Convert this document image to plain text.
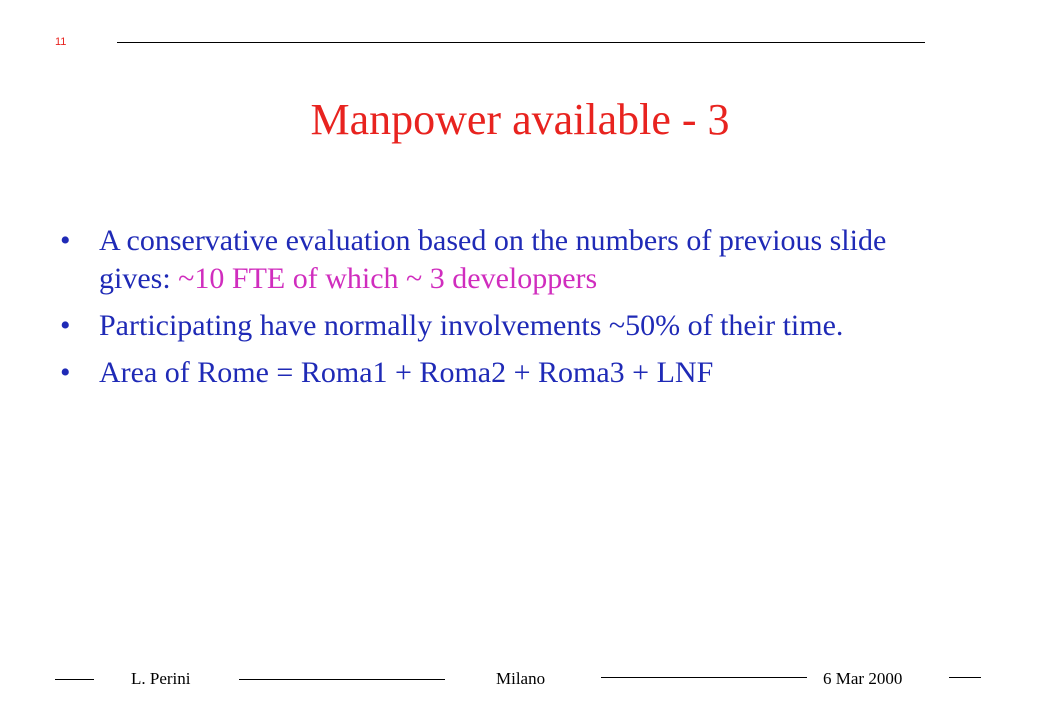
11
Manpower available - 3
• A conservative evaluation based on the numbers of previous slide gives: ~10 FTE of which ~ 3 developpers
• Participating have normally involvements ~50% of their time.
• Area of Rome = Roma1 + Roma2 + Roma3 + LNF
L. Perini	Milano	6 Mar 2000
